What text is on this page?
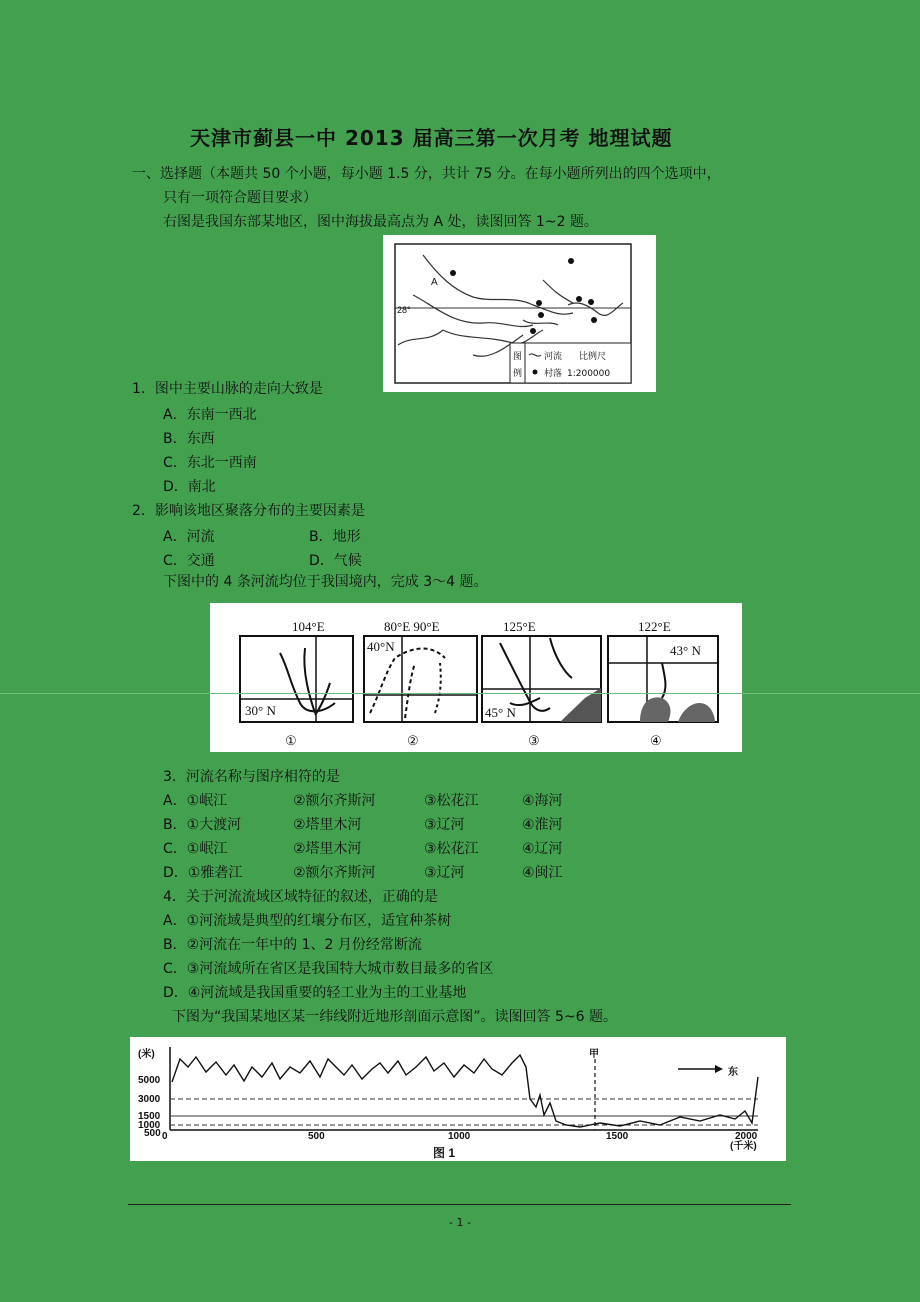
天津市蓟县一中 2013 届高三第一次月考 地理试题
一、选择题（本题共 50 个小题，每小题 1.5 分，共计 75 分。在每小题所列出的四个选项中，
只有一项符合题目要求）
右图是我国东部某地区，图中海拔最高点为 A 处，读图回答 1~2 题。
A
28°
图
例
河流 比例尺
村落 1:200000
1．图中主要山脉的走向大致是
A．东南一西北
B．东西
C．东北一西南
D．南北
2．影响该地区聚落分布的主要因素是
A．河流	B．地形
C．交通	D．气候
下图中的 4 条河流均位于我国境内，完成 3～4 题。
104°E
30° N
①
80°E 90°E
40°N
②
125°E
45° N
③
122°E
43° N
④
3．河流名称与图序相符的是
A．①岷江	②额尔齐斯河	③松花江	④海河
B．①大渡河	②塔里木河	③辽河	④淮河
C．①岷江	②塔里木河	③松花江	④辽河
D．①雅砻江	②额尔齐斯河	③辽河	④闽江
4．关于河流流域区域特征的叙述，正确的是
A．①河流域是典型的红壤分布区，适宜种茶树
B．②河流在一年中的 1、2 月份经常断流
C．③河流域所在省区是我国特大城市数目最多的省区
D．④河流域是我国重要的轻工业为主的工业基地
下图为“我国某地区某一纬线附近地形剖面示意图”。读图回答 5~6 题。
(米)
5000
3000
1500
1000
500 0	500	1000	1500	2000
(千米)
甲
东
图 1
- 1 -
